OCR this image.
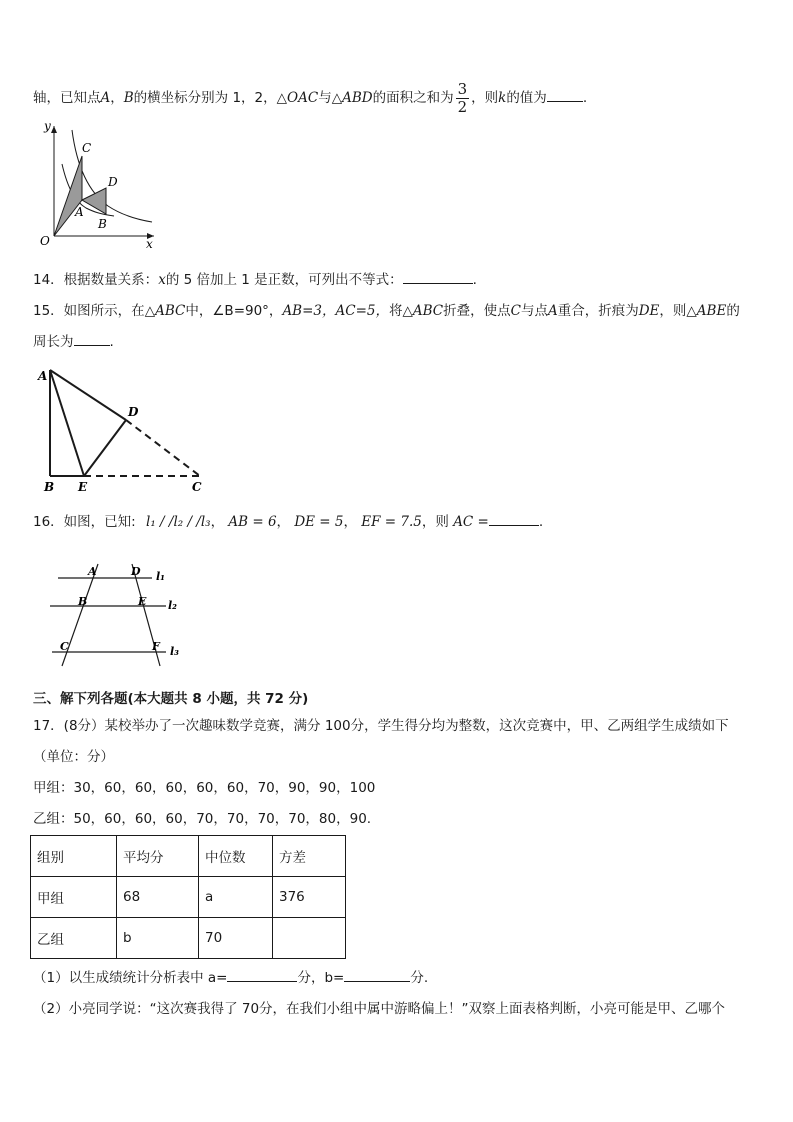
轴，已知点A，B的横坐标分别为 1，2，△OAC与△ABD的面积之和为 $\frac{3}{2}$ ，则k的值为	.
y
x
O
C
D
A
B
14．根据数量关系：x的 5 倍加上 1 是正数，可列出不等式：	.
15．如图所示，在△ABC中，∠B=90°，AB=3，AC=5，将△ABC折叠，使点C与点A重合，折痕为DE，则△ABE的
周长为	.
A
B E	C
D
16．如图，已知: l₁ / /l₂ / /l₃， AB = 6， DE = 5， EF = 7.5，则 AC =	.
A	D l₁
B	E l₂
C	F l₃
三、解下列各题(本大题共 8 小题，共 72 分)
17．(8分）某校举办了一次趣味数学竞赛，满分 100分，学生得分均为整数，这次竞赛中，甲、乙两组学生成绩如下
（单位：分）
甲组：30，60，60，60，60，60，70，90，90，100
乙组：50，60，60，60，70，70，70，70，80，90.
组别	平均分	中位数	方差
甲组	68	a	376
乙组	b	70	
（1）以生成绩统计分析表中 a=	分，b=	分.
（2）小亮同学说：“这次赛我得了 70分，在我们小组中属中游略偏上！”双察上面表格判断，小亮可能是甲、乙哪个
